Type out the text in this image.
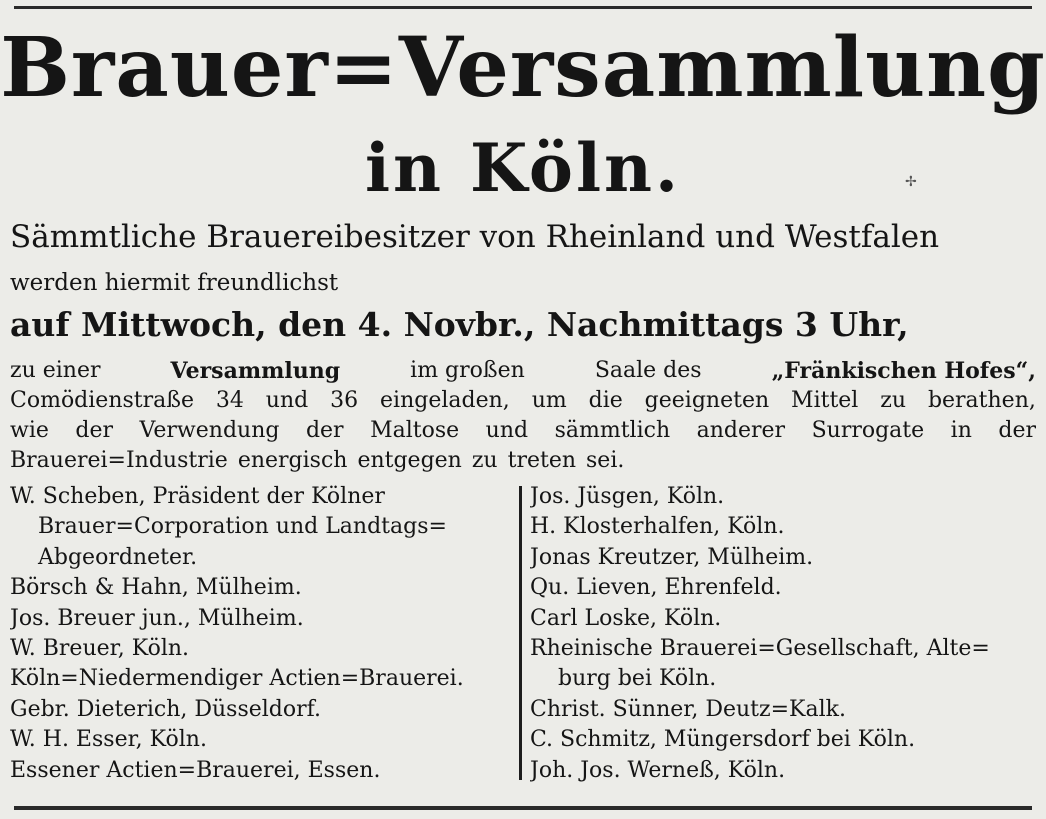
✢
Brauer=Versammlung
in Köln.
Sämmtliche Brauereibesitzer von Rheinland und Westfalen
werden hiermit freundlichst
auf Mittwoch, den 4. Novbr., Nachmittags 3 Uhr,
zu einer	Versammlung	im großen	Saale des	„Fränkischen Hofes“,
Comödienstraße 34 und 36 eingeladen, um die geeigneten Mittel zu berathen,
wie der Verwendung der Maltose und sämmtlich anderer Surrogate in der
Brauerei=Industrie energisch entgegen zu treten sei.
W. Scheben, Präsident der Kölner
Brauer=Corporation und Landtags=
Abgeordneter.
Börsch & Hahn, Mülheim.
Jos. Breuer jun., Mülheim.
W. Breuer, Köln.
Köln=Niedermendiger Actien=Brauerei.
Gebr. Dieterich, Düsseldorf.
W. H. Esser, Köln.
Essener Actien=Brauerei, Essen.
Jos. Jüsgen, Köln.
H. Klosterhalfen, Köln.
Jonas Kreutzer, Mülheim.
Qu. Lieven, Ehrenfeld.
Carl Loske, Köln.
Rheinische Brauerei=Gesellschaft, Alte=
burg bei Köln.
Christ. Sünner, Deutz=Kalk.
C. Schmitz, Müngersdorf bei Köln.
Joh. Jos. Werneß, Köln.
